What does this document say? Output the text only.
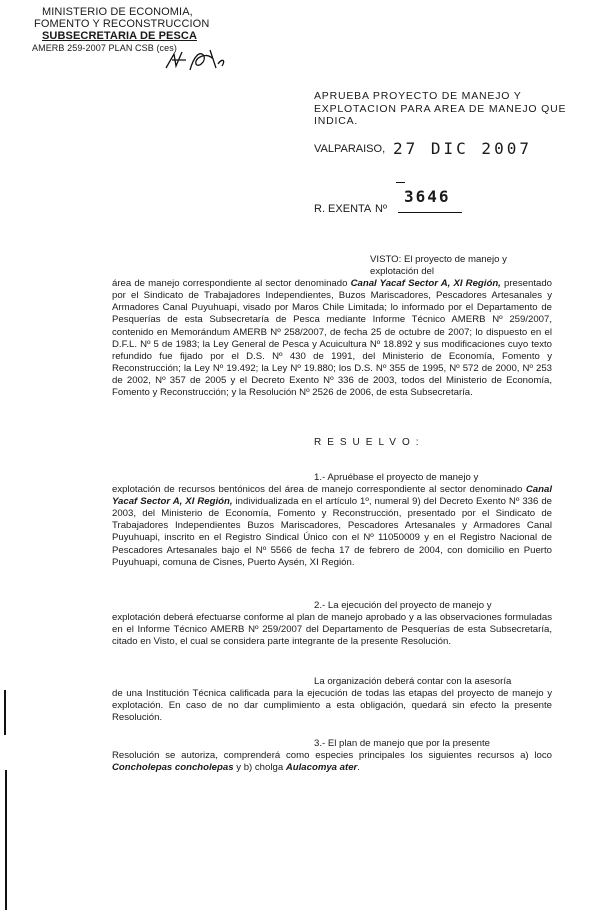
MINISTERIO DE ECONOMIA,
FOMENTO Y RECONSTRUCCION
SUBSECRETARIA DE PESCA
AMERB 259-2007 PLAN CSB (ces)
APRUEBA PROYECTO DE MANEJO Y
EXPLOTACION PARA AREA DE MANEJO QUE
INDICA.
VALPARAISO, 27 DIC 2007
R. EXENTA Nº
3646
VISTO: El proyecto de manejo y explotación del
área de manejo correspondiente al sector denominado Canal Yacaf Sector A, XI Región, presentado por el Sindicato de Trabajadores Independientes, Buzos Mariscadores, Pescadores Artesanales y Armadores Canal Puyuhuapi, visado por Maros Chile Limitada; lo informado por el Departamento de Pesquerías de esta Subsecretaría de Pesca mediante Informe Técnico AMERB Nº 259/2007, contenido en Memorándum AMERB Nº 258/2007, de fecha 25 de octubre de 2007; lo dispuesto en el D.F.L. Nº 5 de 1983; la Ley General de Pesca y Acuicultura Nº 18.892 y sus modificaciones cuyo texto refundido fue fijado por el D.S. Nº 430 de 1991, del Ministerio de Economía, Fomento y Reconstrucción; la Ley Nº 19.492; la Ley Nº 19.880; los D.S. Nº 355 de 1995, Nº 572 de 2000, Nº 253 de 2002, Nº 357 de 2005 y el Decreto Exento Nº 336 de 2003, todos del Ministerio de Economía, Fomento y Reconstrucción; y la Resolución Nº 2526 de 2006, de esta Subsecretaría.
RESUELVO:
1.- Apruébase el proyecto de manejo y
explotación de recursos bentónicos del área de manejo correspondiente al sector denominado Canal Yacaf Sector A, XI Región, individualizada en el artículo 1º, numeral 9) del Decreto Exento Nº 336 de 2003, del Ministerio de Economía, Fomento y Reconstrucción, presentado por el Sindicato de Trabajadores Independientes Buzos Mariscadores, Pescadores Artesanales y Armadores Canal Puyuhuapi, inscrito en el Registro Sindical Único con el Nº 11050009 y en el Registro Nacional de Pescadores Artesanales bajo el Nº 5566 de fecha 17 de febrero de 2004, con domicilio en Puerto Puyuhuapi, comuna de Cisnes, Puerto Aysén, XI Región.
2.- La ejecución del proyecto de manejo y
explotación deberá efectuarse conforme al plan de manejo aprobado y a las observaciones formuladas en el Informe Técnico AMERB Nº 259/2007 del Departamento de Pesquerías de esta Subsecretaría, citado en Visto, el cual se considera parte integrante de la presente Resolución.
La organización deberá contar con la asesoría
de una Institución Técnica calificada para la ejecución de todas las etapas del proyecto de manejo y explotación. En caso de no dar cumplimiento a esta obligación, quedará sin efecto la presente Resolución.
3.- El plan de manejo que por la presente
Resolución se autoriza, comprenderá como especies principales los siguientes recursos a) loco Concholepas concholepas y b) cholga Aulacomya ater.
